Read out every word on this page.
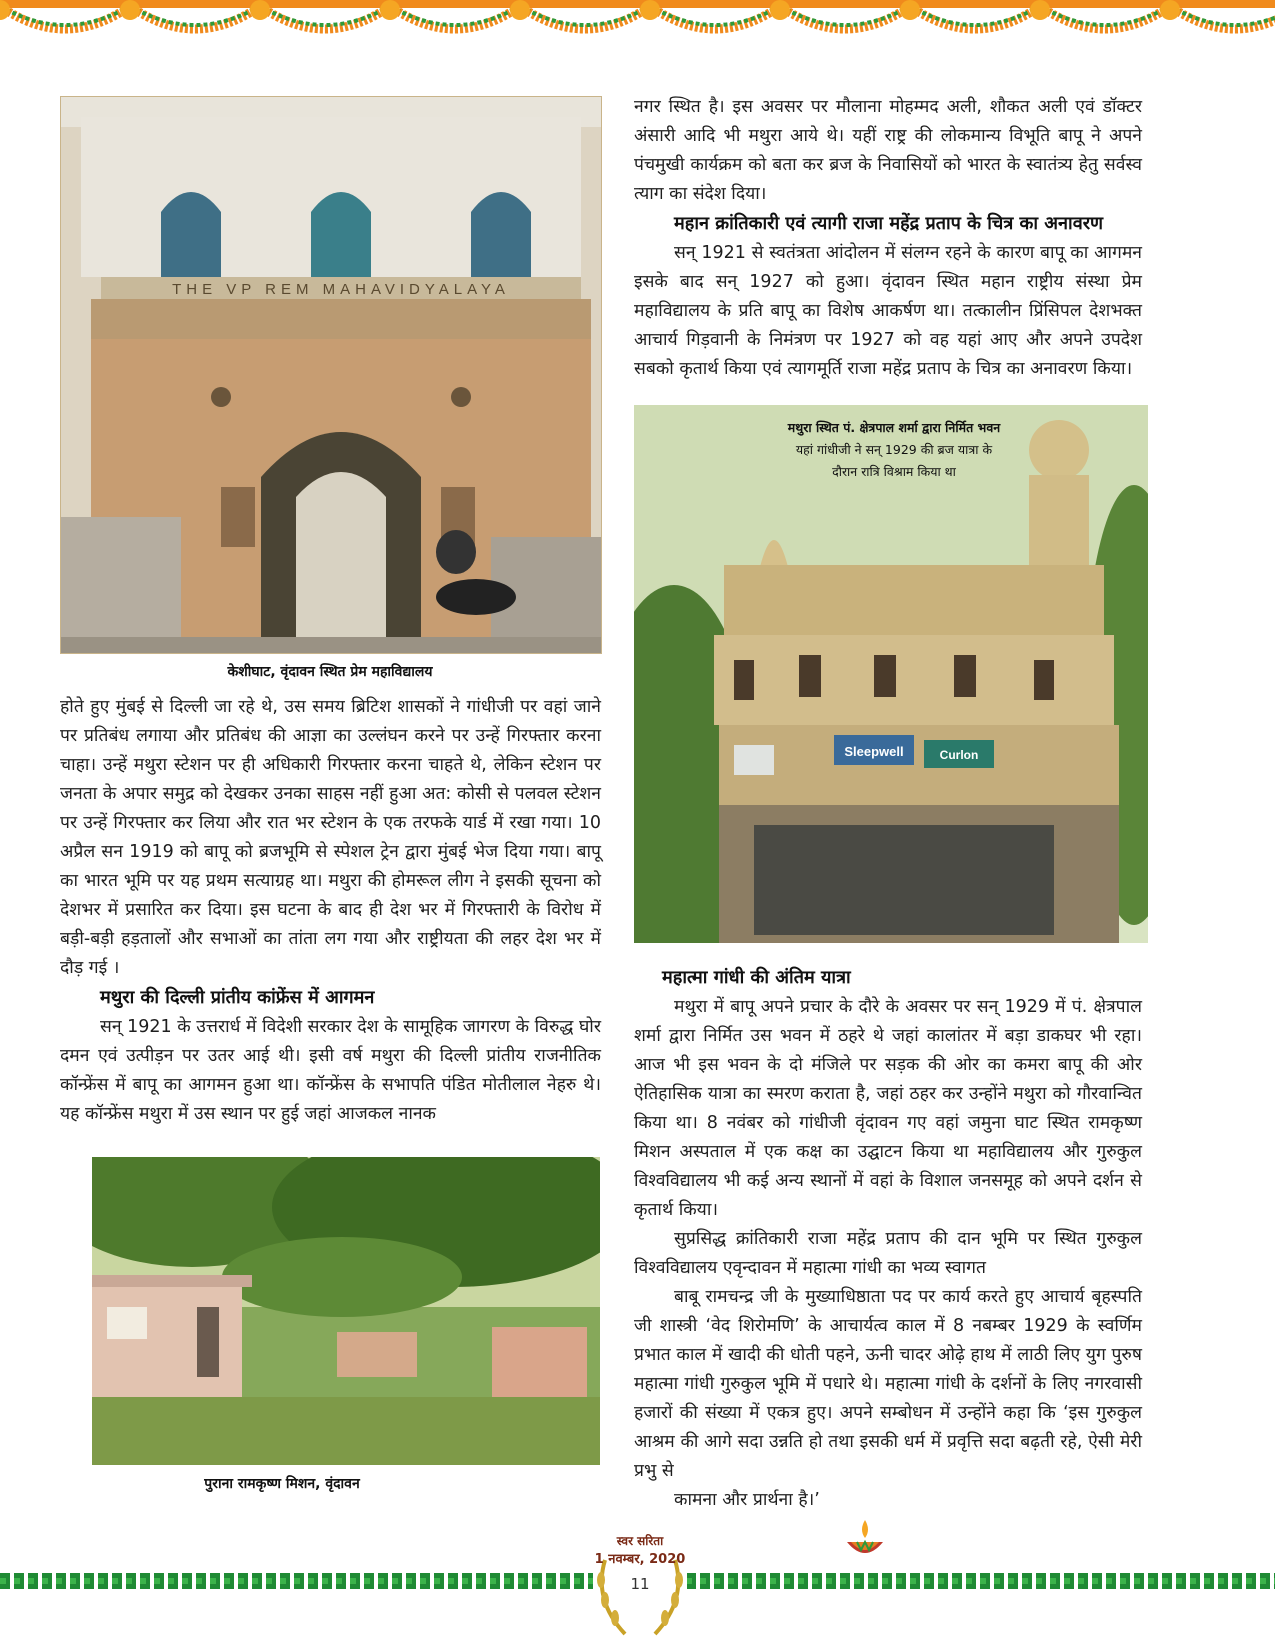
THE VP REM MAHAVIDYALAYA
केशीघाट, वृंदावन स्थित प्रेम महाविद्यालय

होते हुए मुंबई से दिल्ली जा रहे थे, उस समय ब्रिटिश शासकों ने गांधीजी पर वहां जाने पर प्रतिबंध लगाया और प्रतिबंध की आज्ञा का उल्लंघन करने पर उन्हें गिरफ्तार करना चाहा। उन्हें मथुरा स्टेशन पर ही अधिकारी गिरफ्तार करना चाहते थे, लेकिन स्टेशन पर जनता के अपार समुद्र को देखकर उनका साहस नहीं हुआ अत: कोसी से पलवल स्टेशन पर उन्हें गिरफ्तार कर लिया और रात भर स्टेशन के एक तरफके यार्ड में रखा गया। 10 अप्रैल सन 1919 को बापू को ब्रजभूमि से स्पेशल ट्रेन द्वारा मुंबई भेज दिया गया। बापू का भारत भूमि पर यह प्रथम सत्याग्रह था। मथुरा की होमरूल लीग ने इसकी सूचना को देशभर में प्रसारित कर दिया। इस घटना के बाद ही देश भर में गिरफ्तारी के विरोध में बड़ी-बड़ी हड़तालों और सभाओं का तांता लग गया और राष्ट्रीयता की लहर देश भर में दौड़ गई ।

मथुरा की दिल्ली प्रांतीय कांफ्रेंस में आगमन

सन् 1921 के उत्तरार्ध में विदेशी सरकार देश के सामूहिक जागरण के विरुद्ध घोर दमन एवं उत्पीड़न पर उतर आई थी। इसी वर्ष मथुरा की दिल्ली प्रांतीय राजनीतिक कॉन्फ्रेंस में बापू का आगमन हुआ था। कॉन्फ्रेंस के सभापति पंडित मोतीलाल नेहरु थे। यह कॉन्फ्रेंस मथुरा में उस स्थान पर हुई जहां आजकल नानक

पुराना रामकृष्ण मिशन, वृंदावन

नगर स्थित है। इस अवसर पर मौलाना मोहम्मद अली, शौकत अली एवं डॉक्टर अंसारी आदि भी मथुरा आये थे। यहीं राष्ट्र की लोकमान्य विभूति बापू ने अपने पंचमुखी कार्यक्रम को बता कर ब्रज के निवासियों को भारत के स्वातंत्र्य हेतु सर्वस्व त्याग का संदेश दिया।

महान क्रांतिकारी एवं त्यागी राजा महेंद्र प्रताप के चित्र का अनावरण

सन् 1921 से स्वतंत्रता आंदोलन में संलग्न रहने के कारण बापू का आगमन इसके बाद सन् 1927 को हुआ। वृंदावन स्थित महान राष्ट्रीय संस्था प्रेम महाविद्यालय के प्रति बापू का विशेष आकर्षण था। तत्कालीन प्रिंसिपल देशभक्त आचार्य गिड़वानी के निमंत्रण पर 1927 को वह यहां आए और अपने उपदेश सबको कृतार्थ किया एवं त्यागमूर्ति राजा महेंद्र प्रताप के चित्र का अनावरण किया।

Sleepwell	Curlon
मथुरा स्थित पं. क्षेत्रपाल शर्मा द्वारा निर्मित भवन
यहां गांधीजी ने सन् 1929 की ब्रज यात्रा के
दौरान रात्रि विश्राम किया था
महात्मा गांधी की अंतिम यात्रा

मथुरा में बापू अपने प्रचार के दौरे के अवसर पर सन् 1929 में पं. क्षेत्रपाल शर्मा द्वारा निर्मित उस भवन में ठहरे थे जहां कालांतर में बड़ा डाकघर भी रहा। आज भी इस भवन के दो मंजिले पर सड़क की ओर का कमरा बापू की ओर ऐतिहासिक यात्रा का स्मरण कराता है, जहां ठहर कर उन्होंने मथुरा को गौरवान्वित किया था। 8 नवंबर को गांधीजी वृंदावन गए वहां जमुना घाट स्थित रामकृष्ण मिशन अस्पताल में एक कक्ष का उद्घाटन किया था महाविद्यालय और गुरुकुल विश्वविद्यालय भी कई अन्य स्थानों में वहां के विशाल जनसमूह को अपने दर्शन से कृतार्थ किया।

सुप्रसिद्ध क्रांतिकारी राजा महेंद्र प्रताप की दान भूमि पर स्थित गुरुकुल विश्वविद्यालय एवृन्दावन में महात्मा गांधी का भव्य स्वागत

बाबू रामचन्द्र जी के मुख्याधिष्ठाता पद पर कार्य करते हुए आचार्य बृहस्पति जी शास्त्री ‘वेद शिरोमणि’ के आचार्यत्व काल में 8 नबम्बर 1929 के स्वर्णिम प्रभात काल में खादी की धोती पहने, ऊनी चादर ओढ़े हाथ में लाठी लिए युग पुरुष महात्मा गांधी गुरुकुल भूमि में पधारे थे। महात्मा गांधी के दर्शनों के लिए नगरवासी हजारों की संख्या में एकत्र हुए। अपने सम्बोधन में उन्होंने कहा कि ‘इस गुरुकुल आश्रम की आगे सदा उन्नति हो तथा इसकी धर्म में प्रवृत्ति सदा बढ़ती रहे, ऐसी मेरी प्रभु से

कामना और प्रार्थना है।’

स्वर सरिता
1 नवम्बर, 2020
11
